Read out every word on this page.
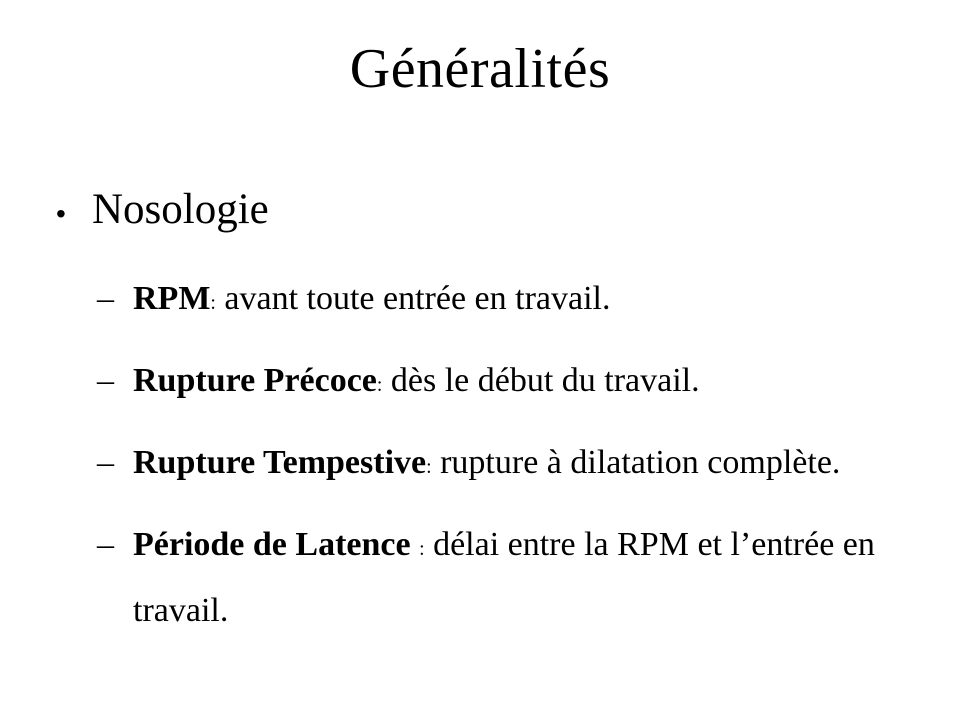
Généralités
• Nosologie
– RPM: avant toute entrée en travail.

– Rupture Précoce: dès le début du travail.

– Rupture Tempestive: rupture à dilatation complète.

– Période de Latence : délai entre la RPM et l’entrée en travail.
